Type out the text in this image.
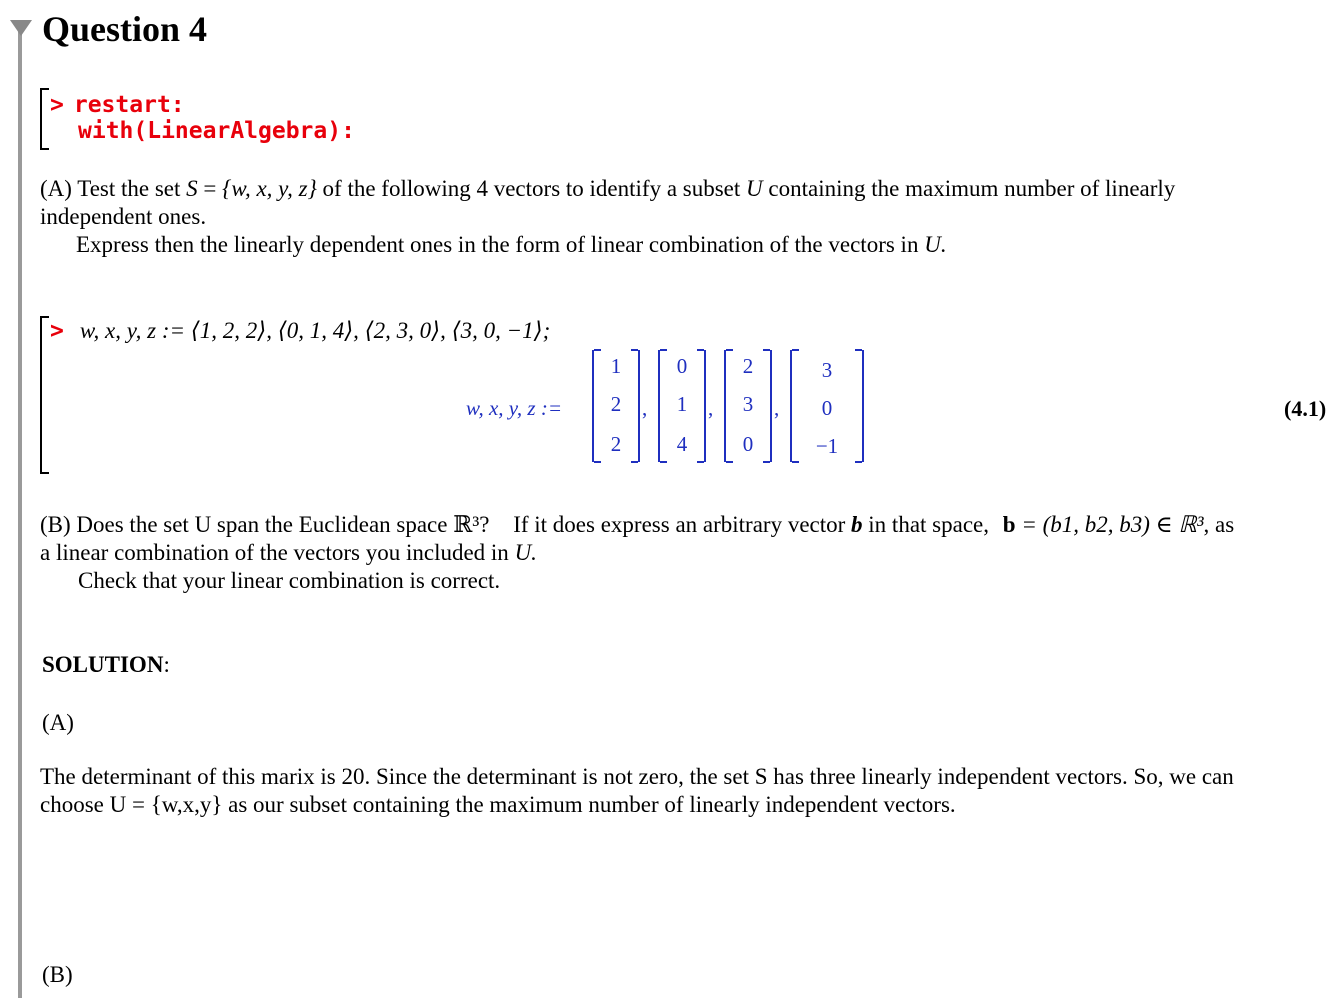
Question 4
> restart:
with(LinearAlgebra):
(A) Test the set S = {w, x, y, z} of the following 4 vectors to identify a subset U containing the maximum number of linearly
independent ones.
Express then the linearly dependent ones in the form of linear combination of the vectors in U.
> w, x, y, z := ⟨1, 2, 2⟩, ⟨0, 1, 4⟩, ⟨2, 3, 0⟩, ⟨3, 0, −1⟩;
w, x, y, z :=
1
2
2
,
0
1
4
,
2
3
0
,
3
0
−1
(4.1)
(B) Does the set U span the Euclidean space ℝ³? If it does express an arbitrary vector b in that space, b = (b1, b2, b3) ∈ ℝ³, as
a linear combination of the vectors you included in U.
Check that your linear combination is correct.
SOLUTION:
(A)
The determinant of this marix is 20. Since the determinant is not zero, the set S has three linearly independent vectors. So, we can
choose U = {w,x,y} as our subset containing the maximum number of linearly independent vectors.
(B)
